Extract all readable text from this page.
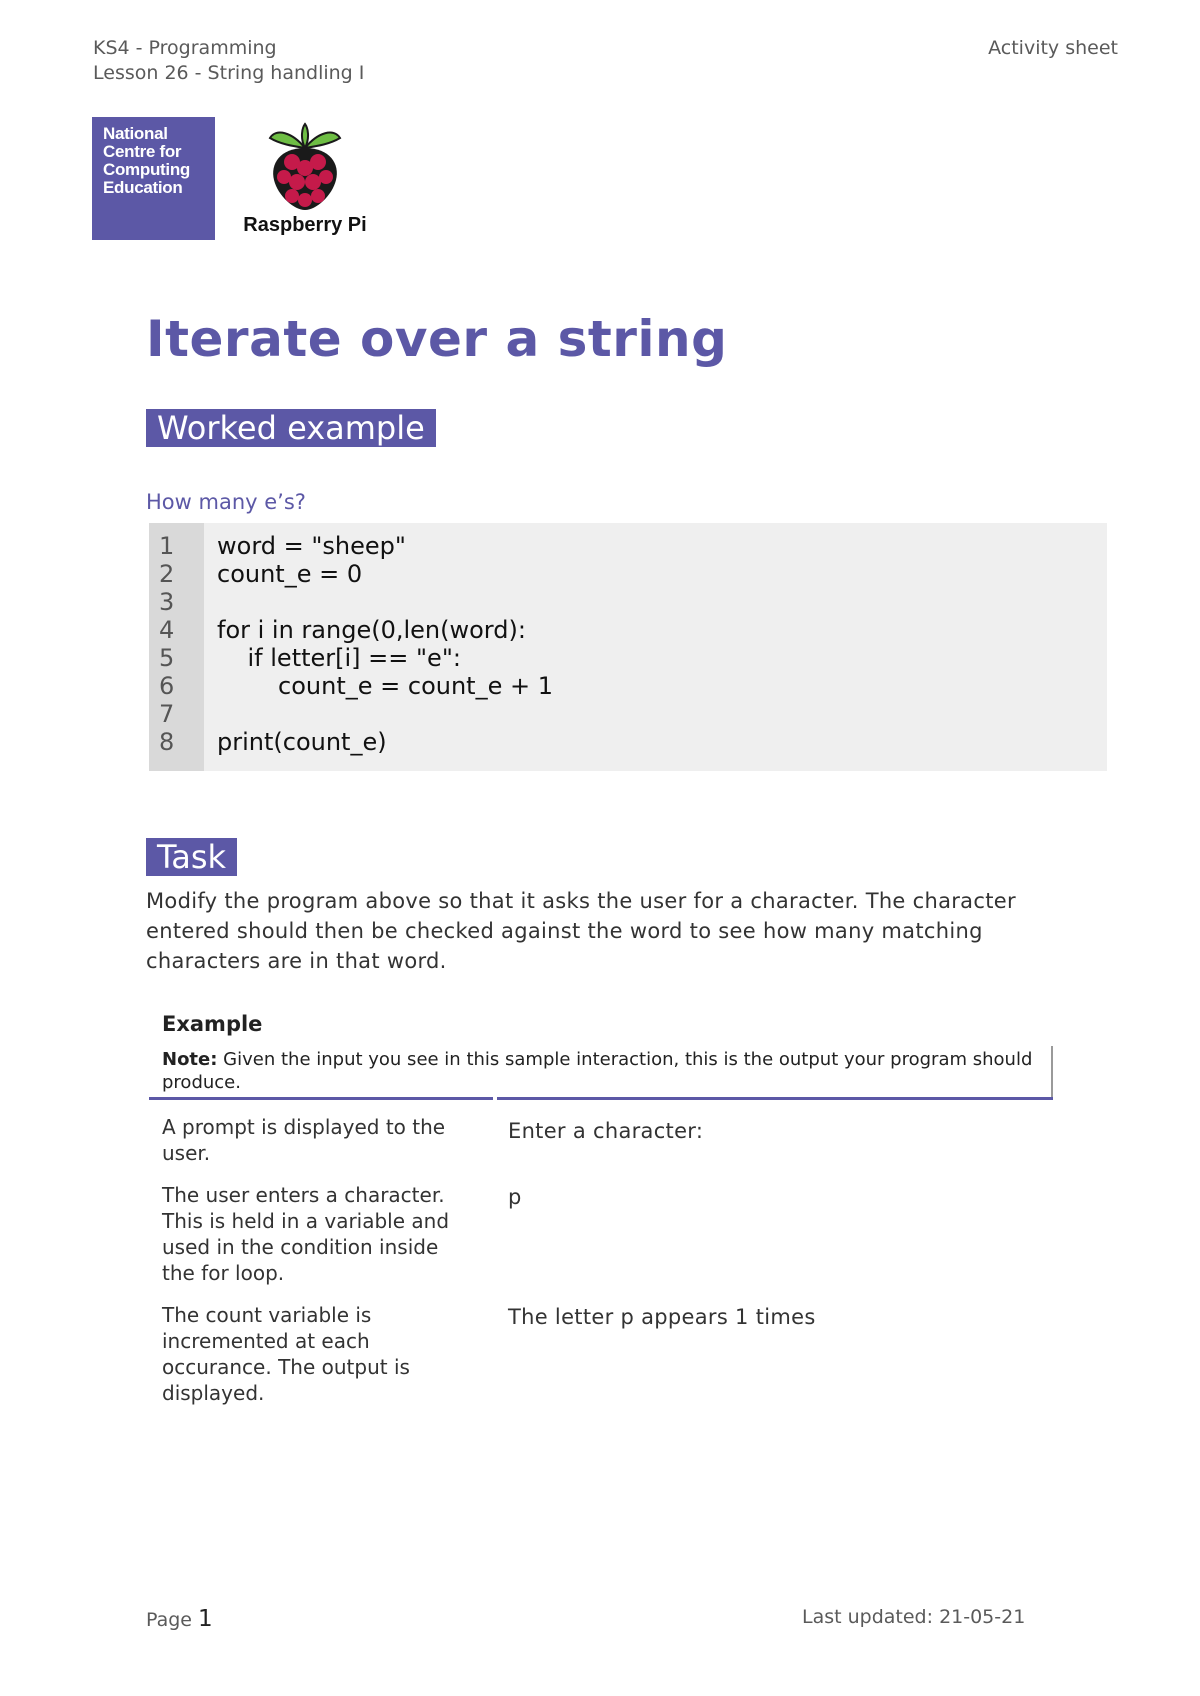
KS4 - Programming
Lesson 26 - String handling I
Activity sheet
National
Centre for
Computing
Education
Raspberry Pi
Iterate over a string
Worked example
How many e’s?
1
2
3
4
5
6
7
8
word = "sheep"
count_e = 0
for i in range(0,len(word):
if letter[i] == "e":
count_e = count_e + 1
print(count_e)
Task
Modify the program above so that it asks the user for a character. The character entered should then be checked against the word to see how many matching characters are in that word.
Example
Note: Given the input you see in this sample interaction, this is the output your program should produce.
A prompt is displayed to the user.
Enter a character:
The user enters a character. This is held in a variable and used in the condition inside the for loop.
p
The count variable is incremented at each occurance. The output is displayed.
The letter p appears 1 times
Page 1	Last updated: 21-05-21
